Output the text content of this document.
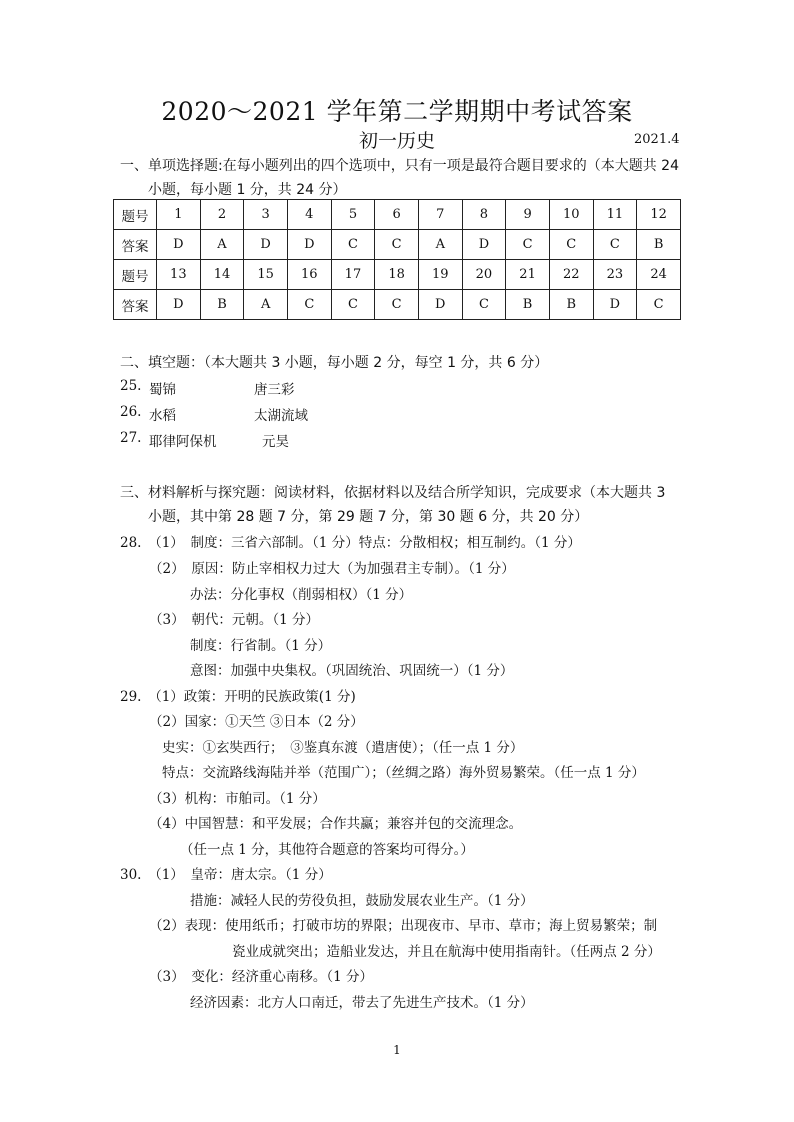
2020～2021 学年第二学期期中考试答案
初一历史	2021.4
一、单项选择题:在每小题列出的四个选项中，只有一项是最符合题目要求的（本大题共 24
小题，每小题 1 分，共 24 分）
题号	1	2	3	4	5	6	7	8	9	10	11	12
答案	D	A	D	D	C	C	A	D	C	C	C	B
题号	13	14	15	16	17	18	19	20	21	22	23	24
答案	D	B	A	C	C	C	D	C	B	B	D	C
二、填空题：（本大题共 3 小题，每小题 2 分，每空 1 分，共 6 分）
25. 蜀锦	唐三彩
26. 水稻	太湖流域
27. 耶律阿保机	元昊
三、材料解析与探究题：阅读材料，依据材料以及结合所学知识，完成要求（本大题共 3
小题，其中第 28 题 7 分，第 29 题 7 分，第 30 题 6 分，共 20 分）
28.　（1）　制度：三省六部制。（1 分）特点：分散相权；相互制约。（1 分）
（2）　原因：防止宰相权力过大（为加强君主专制）。（1 分）
办法：分化事权（削弱相权）（1 分）
（3）　朝代：元朝。（1 分）
制度：行省制。（1 分）
意图：加强中央集权。（巩固统治、巩固统一）（1 分）
29.　（1）政策：开明的民族政策(1 分)
（2）国家：①天竺 ③日本（2 分）
史实：①玄奘西行；　③鉴真东渡（遣唐使）；（任一点 1 分）
特点：交流路线海陆并举（范围广）；（丝绸之路）海外贸易繁荣。（任一点 1 分）
（3）机构：市舶司。（1 分）
（4）中国智慧：和平发展；合作共赢；兼容并包的交流理念。
（任一点 1 分，其他符合题意的答案均可得分。）
30.　（1）　皇帝：唐太宗。（1 分）
措施：减轻人民的劳役负担，鼓励发展农业生产。（1 分）
（2）表现：使用纸币；打破市坊的界限；出现夜市、早市、草市；海上贸易繁荣；制
瓷业成就突出；造船业发达，并且在航海中使用指南针。（任两点 2 分）
（3）　变化：经济重心南移。（1 分）
经济因素：北方人口南迁，带去了先进生产技术。（1 分）
1
